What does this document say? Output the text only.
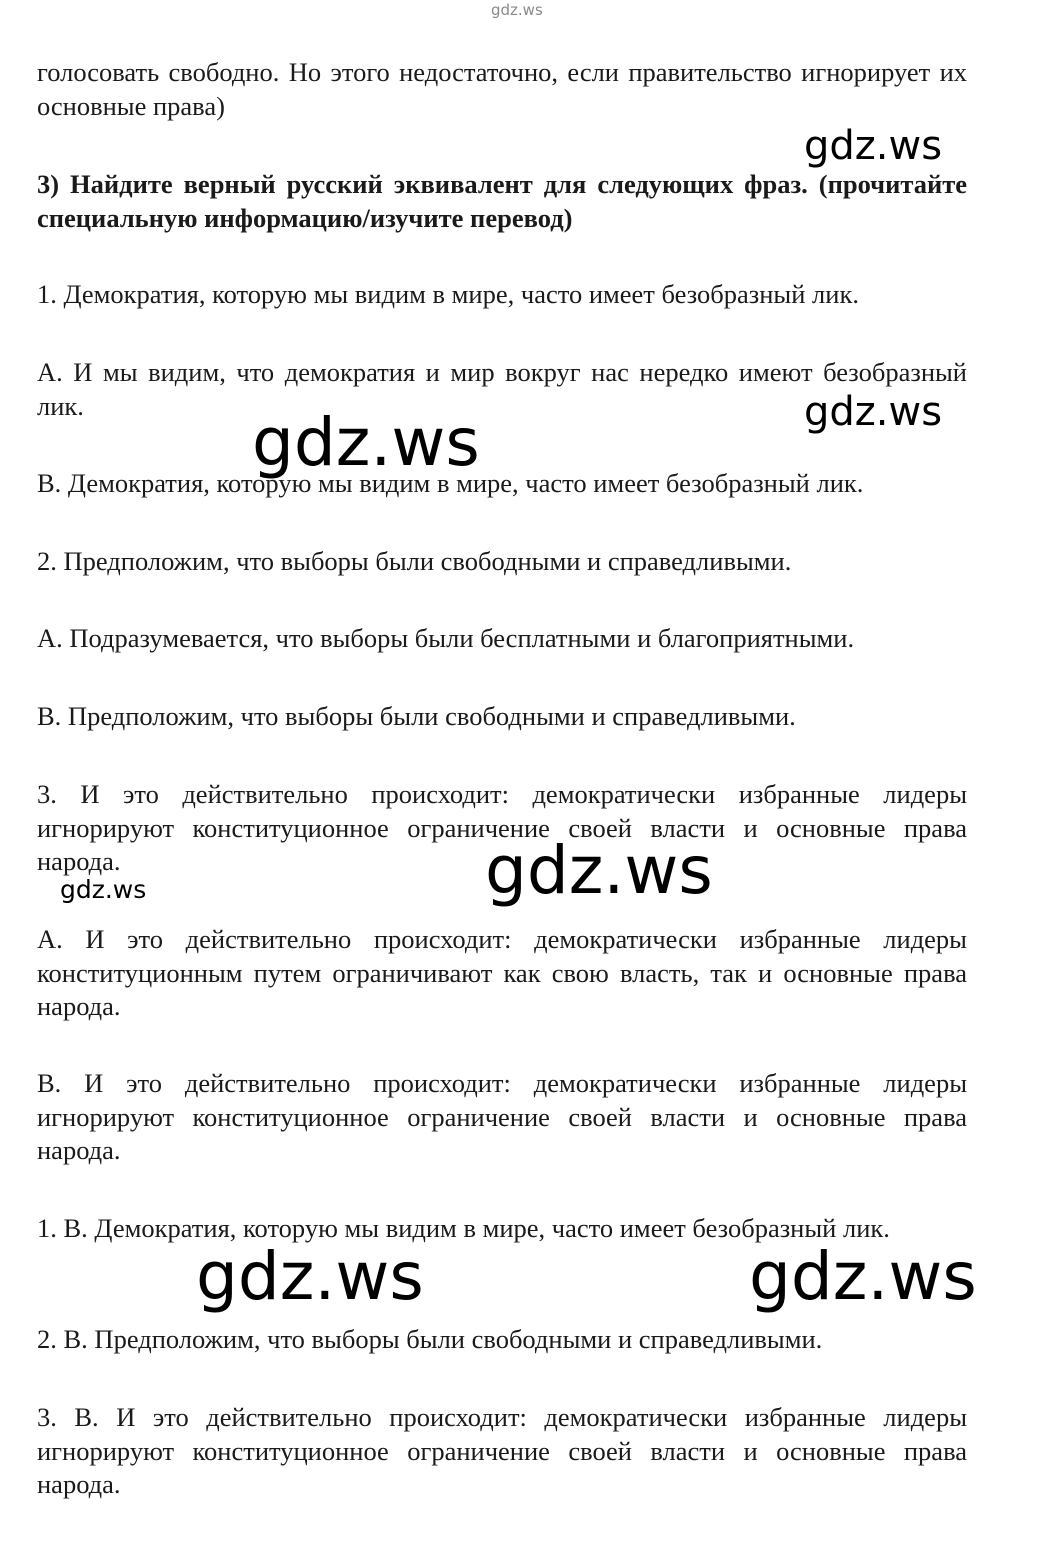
gdz.ws

голосовать свободно. Но этого недостаточно, если правительство игнорирует их основные права)

3) Найдите верный русский эквивалент для следующих фраз. (прочитайте специальную информацию/изучите перевод)

1. Демократия, которую мы видим в мире, часто имеет безобразный лик.

А. И мы видим, что демократия и мир вокруг нас нередко имеют безобразный лик.

В. Демократия, которую мы видим в мире, часто имеет безобразный лик.

2. Предположим, что выборы были свободными и справедливыми.

А. Подразумевается, что выборы были бесплатными и благоприятными.

В. Предположим, что выборы были свободными и справедливыми.

3. И это действительно происходит: демократически избранные лидеры игнорируют конституционное ограничение своей власти и основные права народа.

А. И это действительно происходит: демократически избранные лидеры конституционным путем ограничивают как свою власть, так и основные права народа.

В. И это действительно происходит: демократически избранные лидеры игнорируют конституционное ограничение своей власти и основные права народа.

1. В. Демократия, которую мы видим в мире, часто имеет безобразный лик.

2. В. Предположим, что выборы были свободными и справедливыми.

3. В. И это действительно происходит: демократически избранные лидеры игнорируют конституционное ограничение своей власти и основные права народа.

gdz.ws
gdz.ws
gdz.ws
gdz.ws
gdz.ws
gdz.ws	gdz.ws
